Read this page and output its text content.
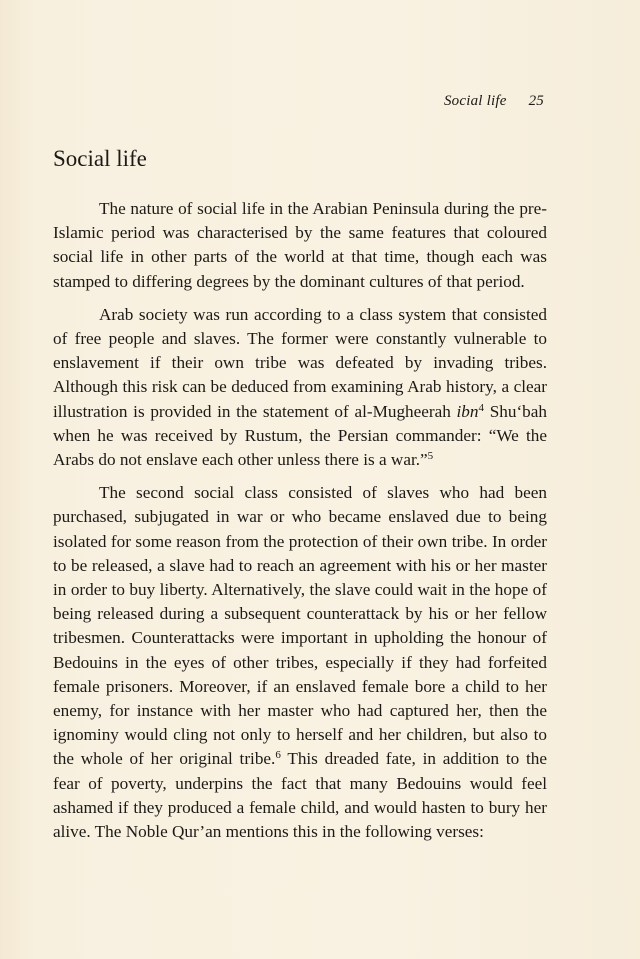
Social life 25
Social life

The nature of social life in the Arabian Peninsula during the pre-Islamic period was characterised by the same features that coloured social life in other parts of the world at that time, though each was stamped to differing degrees by the dominant cultures of that period.

Arab society was run according to a class system that consisted of free people and slaves. The former were constantly vulnerable to enslavement if their own tribe was defeated by invading tribes. Although this risk can be deduced from examining Arab history, a clear illustration is provided in the statement of al-Mugheerah ibn$^4$ Shu‘bah when he was received by Rustum, the Persian commander: “We the Arabs do not enslave each other unless there is a war.”$^5$

The second social class consisted of slaves who had been purchased, subjugated in war or who became enslaved due to being isolated for some reason from the protection of their own tribe. In order to be released, a slave had to reach an agreement with his or her master in order to buy liberty. Alternatively, the slave could wait in the hope of being released during a subsequent counterattack by his or her fellow tribesmen. Counterattacks were important in upholding the honour of Bedouins in the eyes of other tribes, especially if they had forfeited female prisoners. Moreover, if an enslaved female bore a child to her enemy, for instance with her master who had captured her, then the ignominy would cling not only to herself and her children, but also to the whole of her original tribe.$^6$ This dreaded fate, in addition to the fear of poverty, underpins the fact that many Bedouins would feel ashamed if they produced a female child, and would hasten to bury her alive. The Noble Qur’an mentions this in the following verses:
